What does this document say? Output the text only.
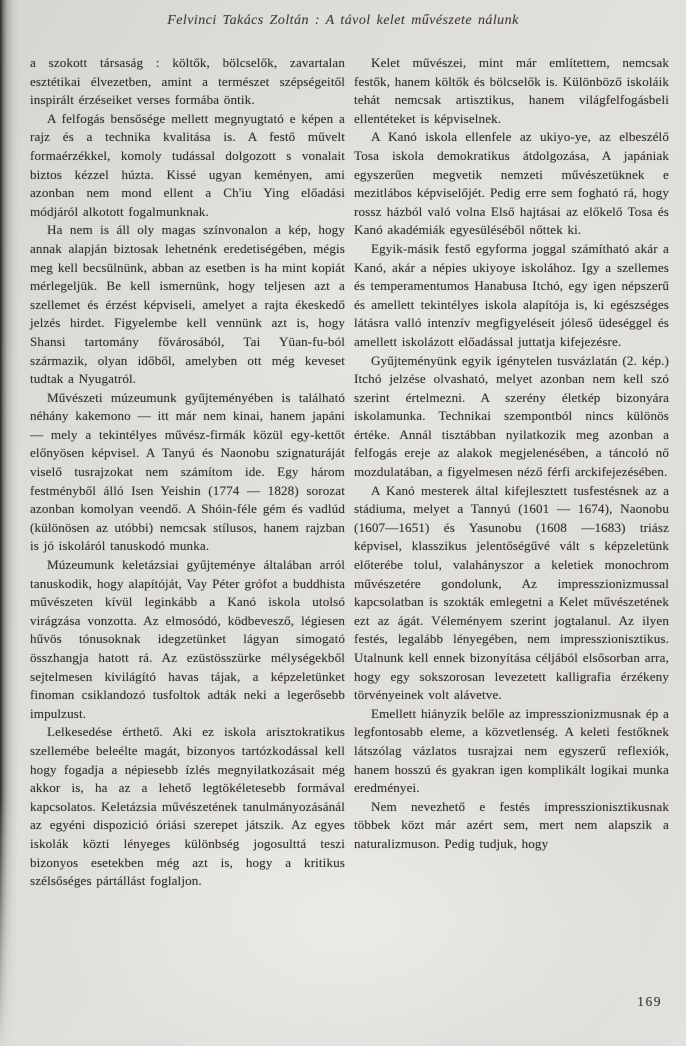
Felvinci Takács Zoltán : A távol kelet művészete nálunk

a szokott társaság : költők, bölcselők, zavartalan esztétikai élvezetben, amint a természet szépségeitől inspirált érzéseiket verses formába öntik.

A felfogás bensősége mellett megnyugtató e képen a rajz és a technika kvalitása is. A festő művelt formaérzékkel, komoly tudással dolgozott s vonalait biztos kézzel húzta. Kissé ugyan keményen, ami azonban nem mond ellent a Ch'iu Ying előadási módjáról alkotott fogalmunknak.

Ha nem is áll oly magas színvonalon a kép, hogy annak alapján biztosak lehetnénk eredetiségében, mégis meg kell becsülnünk, abban az esetben is ha mint kopiát mérlegeljük. Be kell ismernünk, hogy teljesen azt a szellemet és érzést képviseli, amelyet a rajta ékeskedő jelzés hirdet. Figyelembe kell vennünk azt is, hogy Shansi tartomány fővárosából, Tai Yüan-fu-ból származik, olyan időből, amelyben ott még keveset tudtak a Nyugatról.

Művészeti múzeumunk gyűjteményében is található néhány kakemono — itt már nem kinai, hanem japáni — mely a tekintélyes művész-firmák közül egy-kettőt előnyösen képvisel. A Tanyú és Naonobu szignaturáját viselő tusrajzokat nem számítom ide. Egy három festményből álló Isen Yeishin (1774 — 1828) sorozat azonban komolyan veendő. A Shóin-féle gém és vadlúd (különösen az utóbbi) nemcsak stílusos, hanem rajzban is jó iskoláról tanuskodó munka.

Múzeumunk keletázsiai gyűjteménye általában arról tanuskodik, hogy alapítóját, Vay Péter grófot a buddhista művészeten kívül leginkább a Kanó iskola utolsó virágzása vonzotta. Az elmosódó, ködbevesző, légiesen hűvös tónusoknak idegzetünket lágyan simogató összhangja hatott rá. Az ezüstösszürke mélységekből sejtelmesen kivilágító havas tájak, a képzeletünket finoman csiklandozó tusfoltok adták neki a legerősebb impulzust.

Lelkesedése érthető. Aki ez iskola arisztokratikus szellemébe beleélte magát, bizonyos tartózkodással kell hogy fogadja a népiesebb ízlés megnyilatkozásait még akkor is, ha az a lehető legtökéletesebb formával kapcsolatos. Keletázsia művészetének tanulmányozásánál az egyéni dispozició óriási szerepet játszik. Az egyes iskolák közti lényeges különbség jogosulttá teszi bizonyos esetekben még azt is, hogy a kritikus szélsőséges pártállást foglaljon.

Kelet művészei, mint már említettem, nemcsak festők, hanem költők és bölcselők is. Különböző iskoláik tehát nemcsak artisztikus, hanem világfelfogásbeli ellentéteket is képviselnek.

A Kanó iskola ellenfele az ukiyo-ye, az elbeszélő Tosa iskola demokratikus átdolgozása, A japániak egyszerűen megvetik nemzeti művészetüknek e mezitlábos képviselőjét. Pedig erre sem fogható rá, hogy rossz házból való volna Első hajtásai az előkelő Tosa és Kanó akadémiák egyesüléséből nőttek ki.

Egyik-másik festő egyforma joggal számítható akár a Kanó, akár a népies ukiyoye iskolához. Igy a szellemes és temperamentumos Hanabusa Itchó, egy igen népszerű és amellett tekintélyes iskola alapítója is, ki egészséges látásra valló intenzív megfigyeléseit jóleső üdeséggel és amellett iskolázott előadással juttatja kifejezésre.

Gyűjteményünk egyik igénytelen tusvázlatán (2. kép.) Itchó jelzése olvasható, melyet azonban nem kell szó szerint értelmezni. A szerény életkép bizonyára iskolamunka. Technikai szempontból nincs különös értéke. Annál tisztábban nyilatkozik meg azonban a felfogás ereje az alakok megjelenésében, a táncoló nő mozdulatában, a figyelmesen néző férfi arckifejezésében.

A Kanó mesterek által kifejlesztett tusfestésnek az a stádiuma, melyet a Tannyú (1601 — 1674), Naonobu (1607—1651) és Yasunobu (1608 —1683) triász képvisel, klasszikus jelentőségűvé vált s képzeletünk előterébe tolul, valahányszor a keletiek monochrom művészetére gondolunk, Az impresszionizmussal kapcsolatban is szokták emlegetni a Kelet művészetének ezt az ágát. Véleményem szerint jogtalanul. Az ilyen festés, legalább lényegében, nem impresszionisztikus. Utalnunk kell ennek bizonyítása céljából elsősorban arra, hogy egy sokszorosan levezetett kalligrafia érzékeny törvényeinek volt alávetve.

Emellett hiányzik belőle az impresszionizmusnak ép a legfontosabb eleme, a közvetlenség. A keleti festőknek látszólag vázlatos tusrajzai nem egyszerű reflexiók, hanem hosszú és gyakran igen komplikált logikai munka eredményei.

Nem nevezhető e festés impresszionisztikusnak többek közt már azért sem, mert nem alapszik a naturalizmuson. Pedig tudjuk, hogy

169
